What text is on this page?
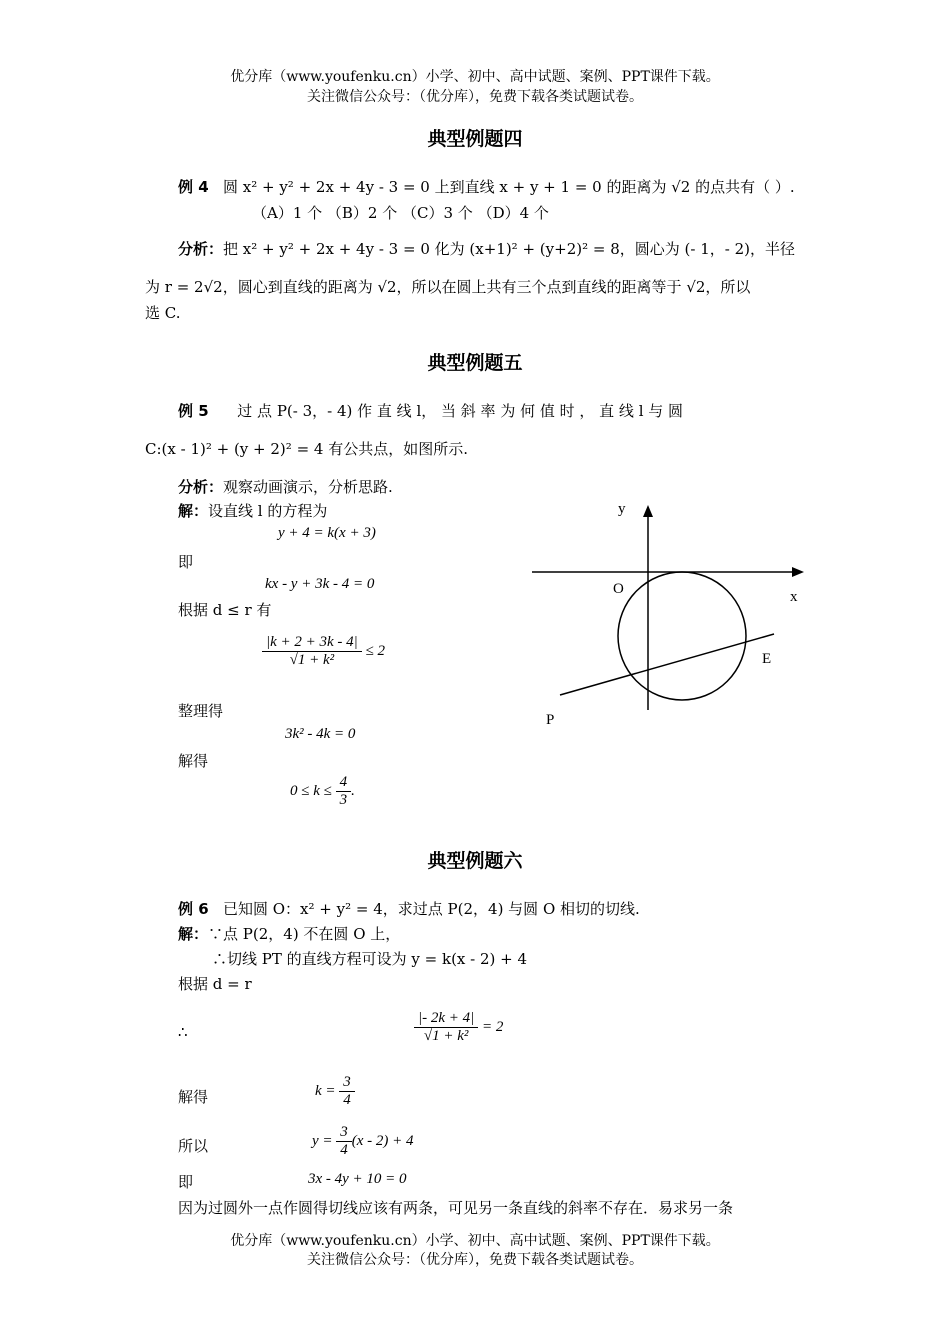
优分库（www.youfenku.cn）小学、初中、高中试题、案例、PPT课件下载。
关注微信公众号：（优分库），免费下载各类试题试卷。
典型例题四
例 4 圆 x² + y² + 2x + 4y - 3 = 0 上到直线 x + y + 1 = 0 的距离为 √2 的点共有（ ）.
（A）1 个 （B）2 个 （C）3 个 （D）4 个
分析：把 x² + y² + 2x + 4y - 3 = 0 化为 (x+1)² + (y+2)² = 8，圆心为 (- 1，- 2)，半径
为 r = 2√2，圆心到直线的距离为 √2，所以在圆上共有三个点到直线的距离等于 √2，所以
选 C.
典型例题五
例 5 过 点 P(- 3，- 4) 作 直 线 l， 当 斜 率 为 何 值 时 ， 直 线 l 与 圆
C:(x - 1)² + (y + 2)² = 4 有公共点，如图所示.
分析：观察动画演示，分析思路.
解：设直线 l 的方程为
y + 4 = k(x + 3)
即
kx - y + 3k - 4 = 0
根据 d ≤ r 有
$\frac{|k + 2 + 3k - 4|}{\text{√1 + k²}} \le 2$
整理得
3k² - 4k = 0
解得
$0 \le k \le \frac{4}{3}$ .
y
x
O
E
P
典型例题六
例 6 已知圆 O：x² + y² = 4，求过点 P(2，4) 与圆 O 相切的切线.
解：∵点 P(2，4) 不在圆 O 上，
∴切线 PT 的直线方程可设为 y = k(x - 2) + 4
根据 d = r
∴	$\frac{|- 2k + 4|}{\text{√1 + k²}} = 2$
解得	$k = \frac{3}{4}$
所以	$y = \frac{3}{4} (x - 2) + 4$
即	3x - 4y + 10 = 0
因为过圆外一点作圆得切线应该有两条，可见另一条直线的斜率不存在．易求另一条
优分库（www.youfenku.cn）小学、初中、高中试题、案例、PPT课件下载。
关注微信公众号：（优分库），免费下载各类试题试卷。
